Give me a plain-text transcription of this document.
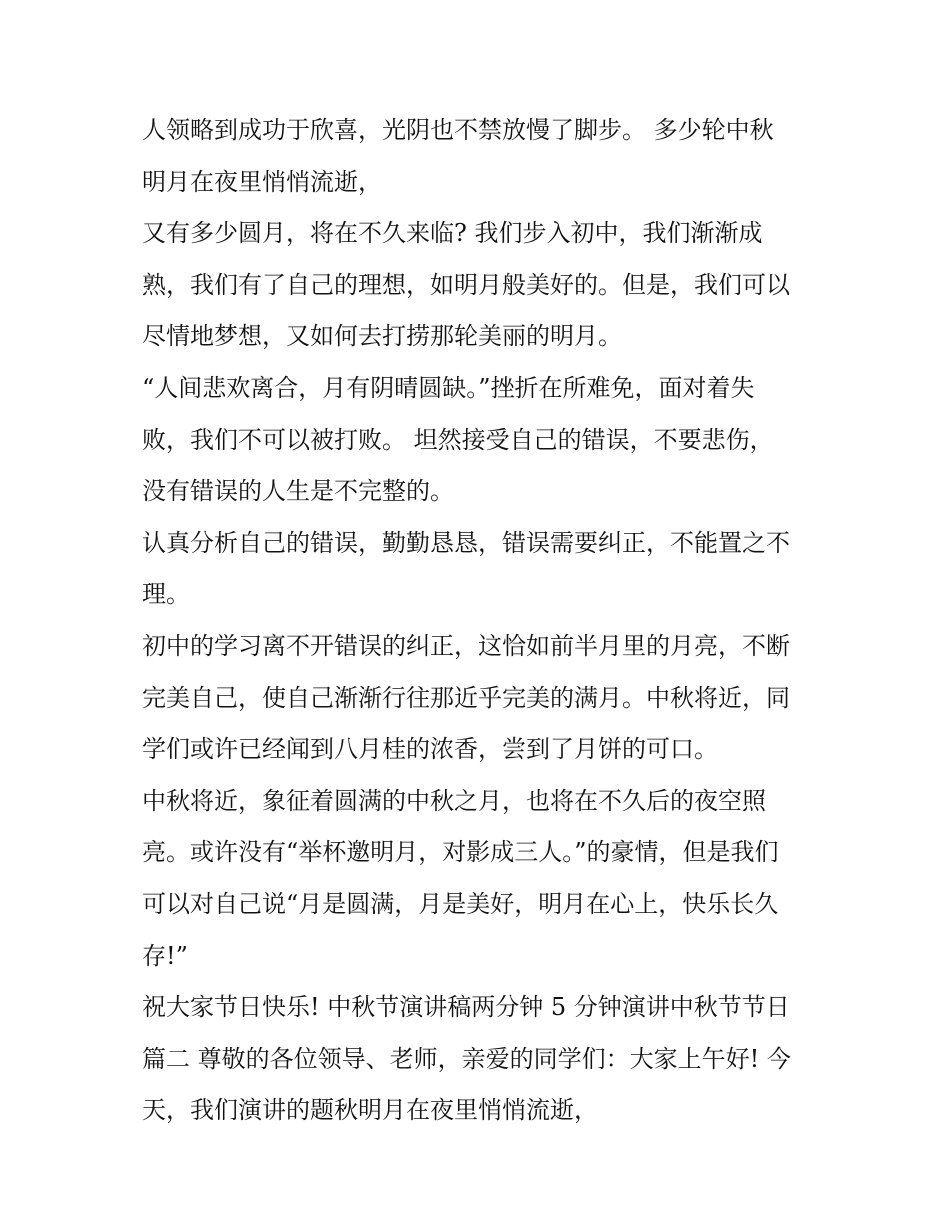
人领略到成功于欣喜，光阴也不禁放慢了脚步。 多少轮中秋

明月在夜里悄悄流逝，

又有多少圆月，将在不久来临? 我们步入初中，我们渐渐成

熟，我们有了自己的理想，如明月般美好的。但是，我们可以

尽情地梦想，又如何去打捞那轮美丽的明月。

“人间悲欢离合，月有阴晴圆缺。”挫折在所难免，面对着失

败，我们不可以被打败。 坦然接受自己的错误，不要悲伤，

没有错误的人生是不完整的。

认真分析自己的错误，勤勤恳恳，错误需要纠正，不能置之不

理。

初中的学习离不开错误的纠正，这恰如前半月里的月亮，不断

完美自己，使自己渐渐行往那近乎完美的满月。中秋将近，同

学们或许已经闻到八月桂的浓香，尝到了月饼的可口。

中秋将近，象征着圆满的中秋之月，也将在不久后的夜空照

亮。或许没有“举杯邀明月，对影成三人。”的豪情，但是我们

可以对自己说“月是圆满，月是美好，明月在心上，快乐长久

存!”

祝大家节日快乐! 中秋节演讲稿两分钟 5 分钟演讲中秋节节日

篇二 尊敬的各位领导、老师，亲爱的同学们：大家上午好! 今

天，我们演讲的题秋明月在夜里悄悄流逝，
